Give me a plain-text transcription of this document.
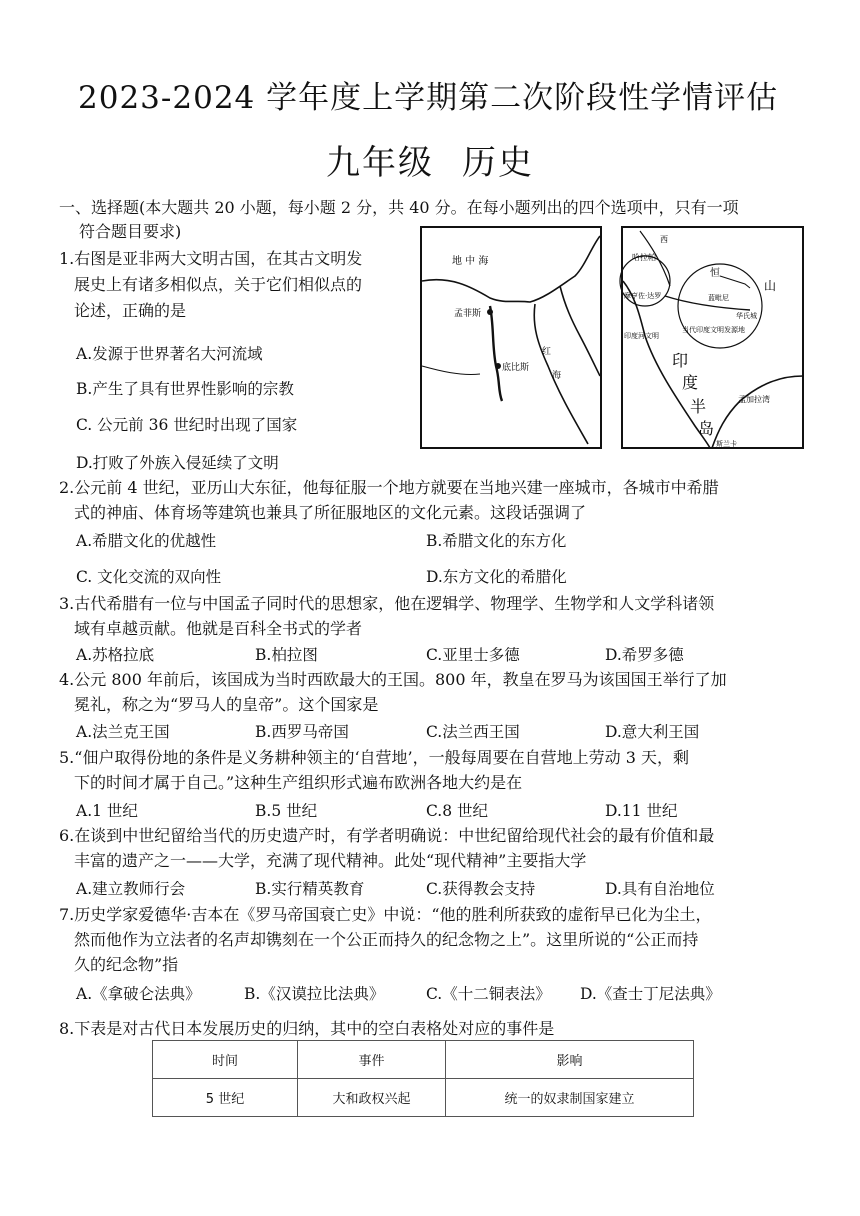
2023-2024 学年度上学期第二次阶段性学情评估
九年级 历史
一、选择题(本大题共 20 小题，每小题 2 分，共 40 分。在每小题列出的四个选项中，只有一项
符合题目要求)
地 中 海
孟菲斯
底比斯
红
海
西
哈拉帕
恒
摩亨佐·达罗
山
蓝毗尼
华氏城
当代印度文明发源地
印度河文明
印
度
半
岛
孟加拉湾
斯兰卡
1.右图是亚非两大文明古国，在其古文明发
展史上有诸多相似点，关于它们相似点的
论述，正确的是
A.发源于世界著名大河流域
B.产生了具有世界性影响的宗教
C. 公元前 36 世纪时出现了国家
D.打败了外族入侵延续了文明
2.公元前 4 世纪，亚历山大东征，他每征服一个地方就要在当地兴建一座城市，各城市中希腊
式的神庙、体育场等建筑也兼具了所征服地区的文化元素。这段话强调了
A.希腊文化的优越性	B.希腊文化的东方化
C. 文化交流的双向性	D.东方文化的希腊化
3.古代希腊有一位与中国孟子同时代的思想家，他在逻辑学、物理学、生物学和人文学科诸领
域有卓越贡献。他就是百科全书式的学者
A.苏格拉底	B.柏拉图	C.亚里士多德	D.希罗多德
4.公元 800 年前后，该国成为当时西欧最大的王国。800 年，教皇在罗马为该国国王举行了加
冕礼，称之为“罗马人的皇帝”。这个国家是
A.法兰克王国	B.西罗马帝国	C.法兰西王国	D.意大利王国
5.“佃户取得份地的条件是义务耕种领主的‘自营地’，一般每周要在自营地上劳动 3 天，剩
下的时间才属于自己。”这种生产组织形式遍布欧洲各地大约是在
A.1 世纪	B.5 世纪	C.8 世纪	D.11 世纪
6.在谈到中世纪留给当代的历史遗产时，有学者明确说：中世纪留给现代社会的最有价值和最
丰富的遗产之一——大学，充满了现代精神。此处“现代精神”主要指大学
A.建立教师行会	B.实行精英教育	C.获得教会支持	D.具有自治地位
7.历史学家爱德华·吉本在《罗马帝国衰亡史》中说：“他的胜利所获致的虚衔早已化为尘土，
然而他作为立法者的名声却镌刻在一个公正而持久的纪念物之上”。这里所说的“公正而持
久的纪念物”指
A.《拿破仑法典》	B.《汉谟拉比法典》	C.《十二铜表法》 D.《查士丁尼法典》
8.下表是对古代日本发展历史的归纳，其中的空白表格处对应的事件是
时间	事件	影响
5 世纪	大和政权兴起	统一的奴隶制国家建立
